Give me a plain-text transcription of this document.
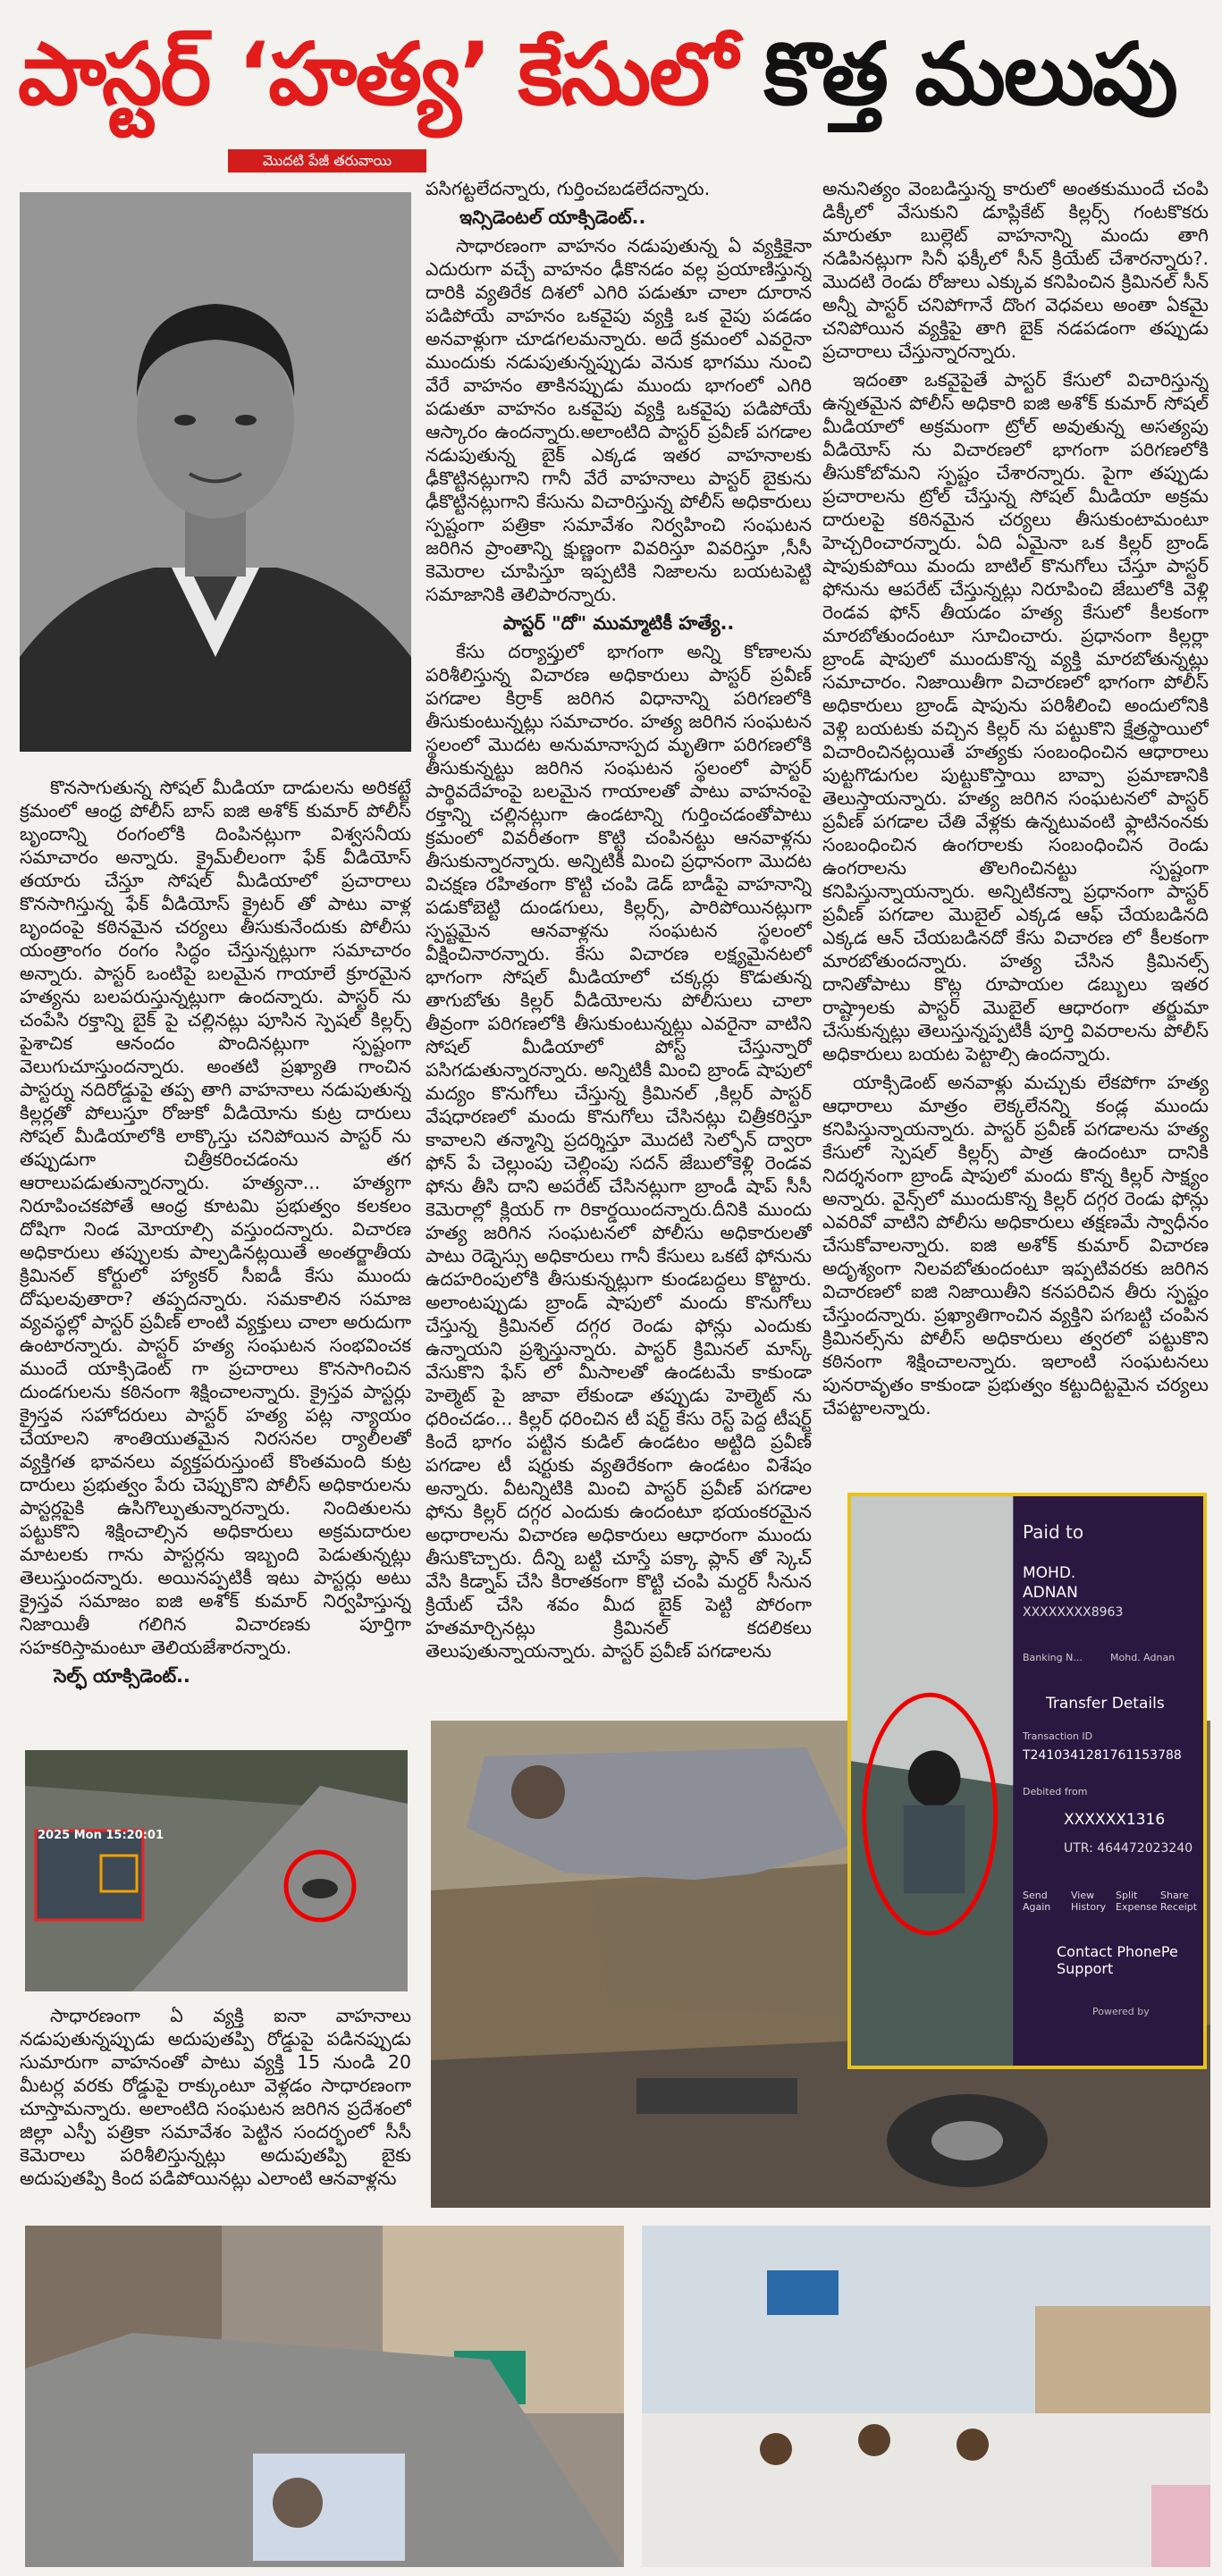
పాస్టర్ ‘హత్య’ కేసులో కొత్త మలుపు
మొదటి పేజీ తరువాయి

కొనసాగుతున్న సోషల్ మీడియా దాడులను అరికట్టే క్రమంలో ఆంధ్ర పోలీస్ బాస్ ఐజి అశోక్ కుమార్ పోలీస్ బృందాన్ని రంగంలోకి దింపినట్లుగా విశ్వసనీయ సమాచారం అన్నారు. క్రైమ్‌లీలంగా ఫేక్ వీడియోస్ తయారు చేస్తూ సోషల్ మీడియాలో ప్రచారాలు కొనసాగిస్తున్న ఫేక్ వీడియోస్ క్రైటర్ తో పాటు వాళ్ల బృందంపై కఠినమైన చర్యలు తీసుకునేందుకు పోలీసు యంత్రాంగం రంగం సిద్ధం చేస్తున్నట్లుగా సమాచారం అన్నారు. పాస్టర్ ఒంటిపై బలమైన గాయాలే క్రూరమైన హత్యను బలపరుస్తున్నట్లుగా ఉందన్నారు. పాస్టర్ ను చంపేసి రక్తాన్ని బైక్ పై చల్లినట్లు పూసిన స్పెషల్ కిల్లర్స్ పైశాచిక ఆనందం పొందినట్లుగా స్పష్టంగా వెలుగుచూస్తుందన్నారు. అంతటి ప్రఖ్యాతి గాంచిన పాస్టర్ను నదిరోడ్డుపై తప్ప తాగి వాహనాలు నడుపుతున్న కిల్లర్లతో పోలుస్తూ రోజుకో వీడియోను కుట్ర దారులు సోషల్ మీడియాలోకి లాక్కొస్తు చనిపోయిన పాస్టర్ ను తప్పుడుగా చిత్రీకరించడంను తగ ఆరాలుపడుతున్నారన్నారు. హత్యనా... హత్యగా నిరూపించకపోతే ఆంధ్ర కూటమి ప్రభుత్వం కలకలం దోషిగా నిండ మోయాల్సి వస్తుందన్నారు. విచారణ అధికారులు తప్పులకు పాల్పడినట్లయితే అంతర్జాతీయ క్రిమినల్ కోర్టులో హ్యాకర్ సీఐడీ కేసు ముందు దోషులవుతారా? తప్పదన్నారు. సమకాలిన సమాజ వ్యవస్థల్లో పాస్టర్ ప్రవీణ్ లాంటి వ్యక్తులు చాలా అరుదుగా ఉంటారన్నారు. పాస్టర్ హత్య సంఘటన సంభవించక ముందే యాక్సిడెంట్ గా ప్రచారాలు కొనసాగించిన దుండగులను కఠినంగా శిక్షించాలన్నారు. క్రైస్తవ పాస్టర్లు క్రైస్తవ సహోదరులు పాస్టర్ హత్య పట్ల న్యాయం చేయాలని శాంతియుతమైన నిరసనల ర్యాలీలతో వ్యక్తిగత భావనలు వ్యక్తపరుస్తుంటే కొంతమంది కుట్ర దారులు ప్రభుత్వం పేరు చెప్పుకొని పోలీస్ అధికారులను పాస్టర్లపైకి ఉసిగొల్పుతున్నారన్నారు. నిందితులను పట్టుకొని శిక్షించాల్సిన అధికారులు అక్రమదారుల మాటలకు గాను పాస్టర్లను ఇబ్బంది పెడుతున్నట్లు తెలుస్తుందన్నారు. అయినప్పటికీ ఇటు పాస్టర్లు అటు క్రైస్తవ సమాజం ఐజి అశోక్ కుమార్ నిర్వహిస్తున్న నిజాయితీ గలిగిన విచారణకు పూర్తిగా సహకరిస్తామంటూ తెలియజేశారన్నారు.

సెల్ఫ్ యాక్సిడెంట్..
2025 Mon 15:20:01

సాధారణంగా ఏ వ్యక్తి ఐనా వాహనాలు నడుపుతున్నప్పుడు అదుపుతప్పి రోడ్డుపై పడినప్పుడు సుమారుగా వాహనంతో పాటు వ్యక్తి 15 నుండి 20 మీటర్ల వరకు రోడ్డుపై రాక్కుంటూ వెళ్లడం సాధారణంగా చూస్తామన్నారు. అలాంటిది సంఘటన జరిగిన ప్రదేశంలో జిల్లా ఎస్పీ పత్రికా సమావేశం పెట్టిన సందర్భంలో సీసీ కెమెరాలు పరిశీలిస్తున్నట్లు అదుపుతప్పి బైకు అదుపుతప్పి కింద పడిపోయినట్లు ఎలాంటి ఆనవాళ్లను

పసిగట్టలేదన్నారు, గుర్తించబడలేదన్నారు.

ఇన్సిడెంటల్ యాక్సిడెంట్..

సాధారణంగా వాహనం నడుపుతున్న ఏ వ్యక్తికైనా ఎదురుగా వచ్చే వాహనం ఢీకొనడం వల్ల ప్రయాణిస్తున్న దారికి వ్యతిరేక దిశలో ఎగిరి పడుతూ చాలా దూరాన పడిపోయే వాహనం ఒకవైపు వ్యక్తి ఒక వైపు పడడం అనవాళ్లుగా చూడగలమన్నారు. అదే క్రమంలో ఎవరైనా ముందుకు నడుపుతున్నప్పుడు వెనుక భాగము నుంచి వేరే వాహనం తాకినప్పుడు ముందు భాగంలో ఎగిరి పడుతూ వాహనం ఒకవైపు వ్యక్తి ఒకవైపు పడిపోయే ఆస్కారం ఉందన్నారు.అలాంటిది పాస్టర్ ప్రవీణ్ పగడాల నడుపుతున్న బైక్ ఎక్కడ ఇతర వాహనాలకు ఢీకొట్టినట్లుగాని గానీ వేరే వాహనాలు పాస్టర్ బైకును ఢీకొట్టినట్లుగాని కేసును విచారిస్తున్న పోలీస్ అధికారులు స్పష్టంగా పత్రికా సమావేశం నిర్వహించి సంఘటన జరిగిన ప్రాంతాన్ని క్షుణ్ణంగా వివరిస్తూ వివరిస్తూ ,సీసీ కెమెరాల చూపిస్తూ ఇప్పటికి నిజాలను బయటపెట్టి సమాజానికి తెలిపారన్నారు.

పాస్టర్ "దో" ముమ్మాటికీ హత్యే..

కేసు దర్యాప్తులో భాగంగా అన్ని కోణాలను పరిశీలిస్తున్న విచారణ అధికారులు పాస్టర్ ప్రవీణ్ పగడాల కిర్రాక్ జరిగిన విధానాన్ని పరిగణలోకి తీసుకుంటున్నట్లు సమాచారం. హత్య జరిగిన సంఘటన స్థలంలో మొదట అనుమానాస్పద మృతిగా పరిగణలోకి తీసుకున్నట్టు జరిగిన సంఘటన స్థలంలో పాస్టర్ పార్థివదేహంపై బలమైన గాయాలతో పాటు వాహనంపై రక్తాన్ని చల్లినట్లుగా ఉండటాన్ని గుర్తించడంతోపాటు క్రమంలో వివరీతంగా కొట్టి చంపినట్టు ఆనవాళ్లను తీసుకున్నారన్నారు. అన్నిటికీ మించి ప్రధానంగా మొదట విచక్షణ రహితంగా కొట్టి చంపి డెడ్ బాడీపై వాహనాన్ని పడుకోబెట్టి దుండగులు, కిల్లర్స్, పారిపోయినట్లుగా స్పష్టమైన ఆనవాళ్లను సంఘటన స్థలంలో వీక్షించినారన్నారు. కేసు విచారణ లక్ష్యమైనటలో భాగంగా సోషల్ మీడియాలో చక్కర్లు కొడుతున్న తాగుబోతు కిల్లర్ వీడియోలను పోలీసులు చాలా తీవ్రంగా పరిగణలోకి తీసుకుంటున్నట్లు ఎవరైనా వాటిని సోషల్ మీడియాలో పోస్ట్ చేస్తున్నారో పసిగడుతున్నారన్నారు. అన్నిటికీ మించి బ్రాండ్ షాపులో మద్యం కొనుగోలు చేస్తున్న క్రిమినల్ ,కిల్లర్ పాస్టర్ వేషధారణలో మందు కొనుగోలు చేసినట్లు చిత్రీకరిస్తూ కావాలని తన్మాన్ని ప్రదర్శిస్తూ మొదటి సెల్ఫోన్ ద్వారా ఫోన్ పే చెల్లుంపు చెల్లింపు సదన్ జేబులోకెళ్లి రెండవ ఫోను తీసి దాని అపరేట్ చేసినట్లుగా బ్రాండీ షాప్ సీసీ కెమెరాల్లో క్లియర్ గా రికార్డయిందన్నారు.దీనికి ముందు హత్య జరిగిన సంఘటనలో పోలీసు అధికారులతో పాటు రెడ్నెస్సు అధికారులు గానీ కేసులు ఒకటే ఫోనును ఉదహరింపులోకి తీసుకున్నట్లుగా కుండబద్దలు కొట్టారు. అలాంటప్పుడు బ్రాండ్ షాపులో మందు కొనుగోలు చేస్తున్న క్రిమినల్ దగ్గర రెండు ఫోన్లు ఎందుకు ఉన్నాయని ప్రశ్నిస్తున్నారు. పాస్టర్ క్రిమినల్ మాస్క్ వేసుకొని ఫేస్ లో మీసాలతో ఉండటమే కాకుండా హెల్మెట్ పై జావా లేకుండా తప్పుడు హెల్మెట్ ను ధరించడం... కిల్లర్ ధరించిన టీ షర్ట్ కేసు రెస్ట్ పెద్ద టీషర్ట్ కిందే భాగం పట్టిన కుడిల్ ఉండటం అట్టిది ప్రవీణ్ పగడాల టీ షర్టుకు వ్యతిరేకంగా ఉండటం విశేషం అన్నారు. వీటన్నిటికి మించి పాస్టర్ ప్రవీణ్ పగడాల ఫోను కిల్లర్ దగ్గర ఎందుకు ఉందంటూ భయంకరమైన అధారాలను విచారణ అధికారులు ఆధారంగా ముందు తీసుకొచ్చారు. దీన్ని బట్టి చూస్తే పక్కా ప్లాన్ తో స్కెచ్ వేసి కిడ్నాప్ చేసి కిరాతకంగా కొట్టి చంపి మర్దర్ సీనున క్రియేట్ చేసి శవం మీద బైక్ పెట్టి పోరంగా హతమార్చినట్లు క్రిమినల్ కదలికలు తెలుపుతున్నాయన్నారు. పాస్టర్ ప్రవీణ్ పగడాలను

అనునిత్యం వెంబడిస్తున్న కారులో అంతకుముందే చంపి డిక్కీలో వేసుకుని డూప్లికేట్ కిల్లర్స్ గంటకొకరు మారుతూ బుల్లెట్ వాహనాన్ని మందు తాగి నడిపినట్లుగా సినీ ఫక్కీలో సీన్ క్రియేట్ చేశారన్నారు?. మొదటి రెండు రోజులు ఎక్కువ కనిపించిన క్రిమినల్ సీన్ అన్నీ పాస్టర్ చనిపోగానే దొంగ వెధవలు అంతా ఏకమై చనిపోయిన వ్యక్తిపై తాగి బైక్ నడపడంగా తప్పుడు ప్రచారాలు చేస్తున్నారన్నారు.

ఇదంతా ఒకవైపైతే పాస్టర్ కేసులో విచారిస్తున్న ఉన్నతమైన పోలీస్ అధికారి ఐజి అశోక్ కుమార్ సోషల్ మీడియాలో అక్రమంగా ట్రోల్ అవుతున్న అసత్యపు వీడియోస్ ను విచారణలో భాగంగా పరిగణలోకి తీసుకోబోమని స్పష్టం చేశారన్నారు. పైగా తప్పుడు ప్రచారాలను ట్రోల్ చేస్తున్న సోషల్ మీడియా అక్రమ దారులపై కఠినమైన చర్యలు తీసుకుంటామంటూ హెచ్చరించారన్నారు. ఏది ఏమైనా ఒక కిల్లర్ బ్రాండ్ షాపుకుపోయి మందు బాటిల్ కొనుగోలు చేస్తూ పాస్టర్ ఫోనును ఆపరేట్ చేస్తున్నట్లు నిరూపించి జేబులోకి వెళ్లి రెండవ ఫోన్ తీయడం హత్య కేసులో కీలకంగా మారబోతుందంటూ సూచించారు. ప్రధానంగా కిల్లర్లా బ్రాండ్ షాపులో ముందుకొన్న వ్యక్తి మారబోతున్నట్లు సమాచారం. నిజాయితీగా విచారణలో భాగంగా పోలీస్ అధికారులు బ్రాండ్ షాపును పరిశీలించి అందులోనికి వెళ్లి బయటకు వచ్చిన కిల్లర్ ను పట్టుకొని క్షేత్రస్థాయిలో విచారించినట్లయితే హత్యకు సంబంధించిన ఆధారాలు పుట్టగొడుగుల పుట్టుకొస్తాయి బావ్పా ప్రమాణానికి తెలుస్తాయన్నారు. హత్య జరిగిన సంఘటనలో పాస్టర్ ప్రవీణ్ పగడాల చేతి వేళ్లకు ఉన్నటువంటి ఫ్లాటినంనకు సంబంధించిన ఉంగరాలకు సంబంధించిన రెండు ఉంగరాలను తొలగించినట్టు స్పష్టంగా కనిపిస్తున్నాయన్నారు. అన్నిటికన్నా ప్రధానంగా పాస్టర్ ప్రవీణ్ పగడాల మొబైల్ ఎక్కడ ఆఫ్ చేయబడినది ఎక్కడ ఆన్ చేయబడినదో కేసు విచారణ లో కీలకంగా మారబోతుందన్నారు. హత్య చేసిన క్రిమినల్స్ దానితోపాటు కొట్ల రూపాయల డబ్బులు ఇతర రాష్ట్రాలకు పాస్టర్ మొబైల్ ఆధారంగా తర్జుమా చేసుకున్నట్లు తెలుస్తున్నప్పటికీ పూర్తి వివరాలను పోలీస్ అధికారులు బయట పెట్టాల్సి ఉందన్నారు.

యాక్సిడెంట్ అనవాళ్లు మచ్చుకు లేకపోగా హత్య ఆధారాలు మాత్రం లెక్కలేనన్ని కండ్ల ముందు కనిపిస్తున్నాయన్నారు. పాస్టర్ ప్రవీణ్ పగడాలను హత్య కేసులో స్పెషల్ కిల్లర్స్ పాత్ర ఉందంటూ దానికి నిదర్శనంగా బ్రాండ్ షాపులో మందు కొన్న కిల్లర్ సాక్ష్యం అన్నారు. వైన్స్‌లో ముందుకొన్న కిల్లర్ దగ్గర రెండు ఫోన్లు ఎవరివో వాటిని పోలీసు అధికారులు తక్షణమే స్వాధీనం చేసుకోవాలన్నారు. ఐజి అశోక్ కుమార్ విచారణ అదృశ్యంగా నిలవబోతుందంటూ ఇప్పటివరకు జరిగిన విచారణలో ఐజి నిజాయితీని కనపరిచిన తీరు స్పష్టం చేస్తుందన్నారు. ప్రఖ్యాతిగాంచిన వ్యక్తిని పగబట్టి చంపిన క్రిమినల్స్‌ను పోలీస్ అధికారులు త్వరలో పట్టుకొని కఠినంగా శిక్షించాలన్నారు. ఇలాంటి సంఘటనలు పునరావృతం కాకుండా ప్రభుత్వం కట్టుదిట్టమైన చర్యలు చేపట్టాలన్నారు.

Paid to
MOHD.
ADNAN
XXXXXXXX8963
Banking N...	Mohd. Adnan
Transfer Details
Transaction ID
T2410341281761153788
Debited from
XXXXXX1316
UTR: 464472023240
Send Again
View History
Split Expense
Share Receipt
Contact PhonePe Support
Powered by
